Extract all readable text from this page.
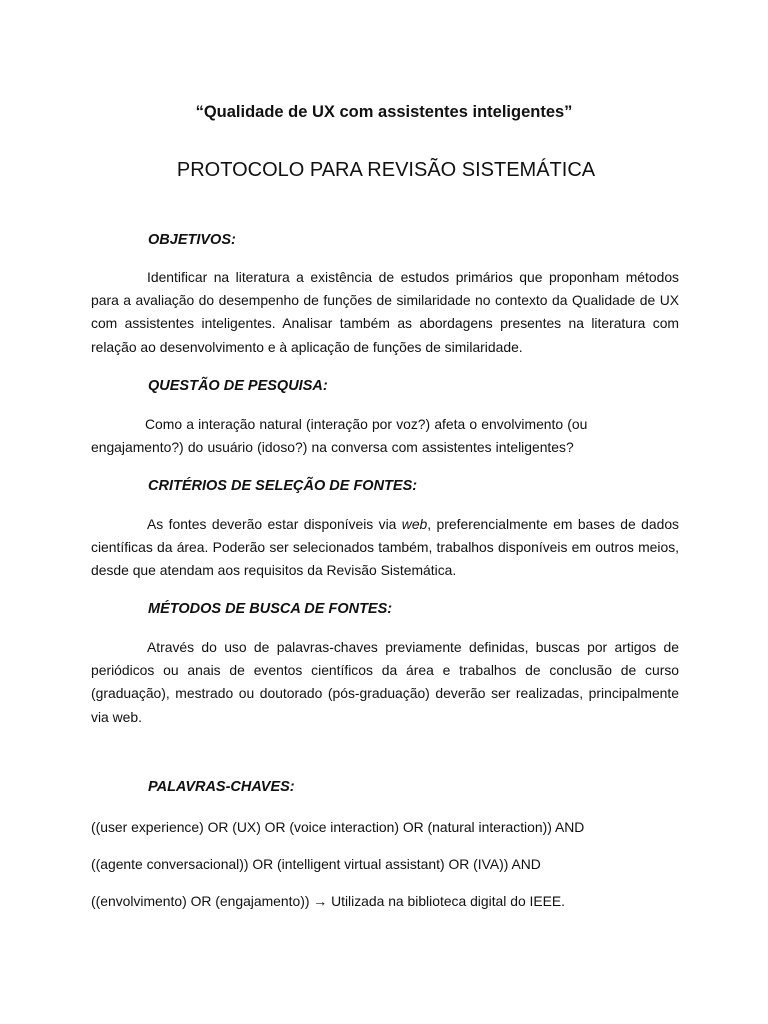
“Qualidade de UX com assistentes inteligentes”
PROTOCOLO PARA REVISÃO SISTEMÁTICA

OBJETIVOS:

Identificar na literatura a existência de estudos primários que proponham métodos para a avaliação do desempenho de funções de similaridade no contexto da Qualidade de UX com assistentes inteligentes. Analisar também as abordagens presentes na literatura com relação ao desenvolvimento e à aplicação de funções de similaridade.

QUESTÃO DE PESQUISA:

Como a interação natural (interação por voz?) afeta o envolvimento (ou engajamento?) do usuário (idoso?) na conversa com assistentes inteligentes?

CRITÉRIOS DE SELEÇÃO DE FONTES:

As fontes deverão estar disponíveis via web, preferencialmente em bases de dados científicas da área. Poderão ser selecionados também, trabalhos disponíveis em outros meios, desde que atendam aos requisitos da Revisão Sistemática.

MÉTODOS DE BUSCA DE FONTES:

Através do uso de palavras-chaves previamente definidas, buscas por artigos de periódicos ou anais de eventos científicos da área e trabalhos de conclusão de curso (graduação), mestrado ou doutorado (pós-graduação) deverão ser realizadas, principalmente via web.

PALAVRAS-CHAVES:

((user experience) OR (UX) OR (voice interaction) OR (natural interaction)) AND

((agente conversacional)) OR (intelligent virtual assistant) OR (IVA)) AND

((envolvimento) OR (engajamento)) → Utilizada na biblioteca digital do IEEE.
